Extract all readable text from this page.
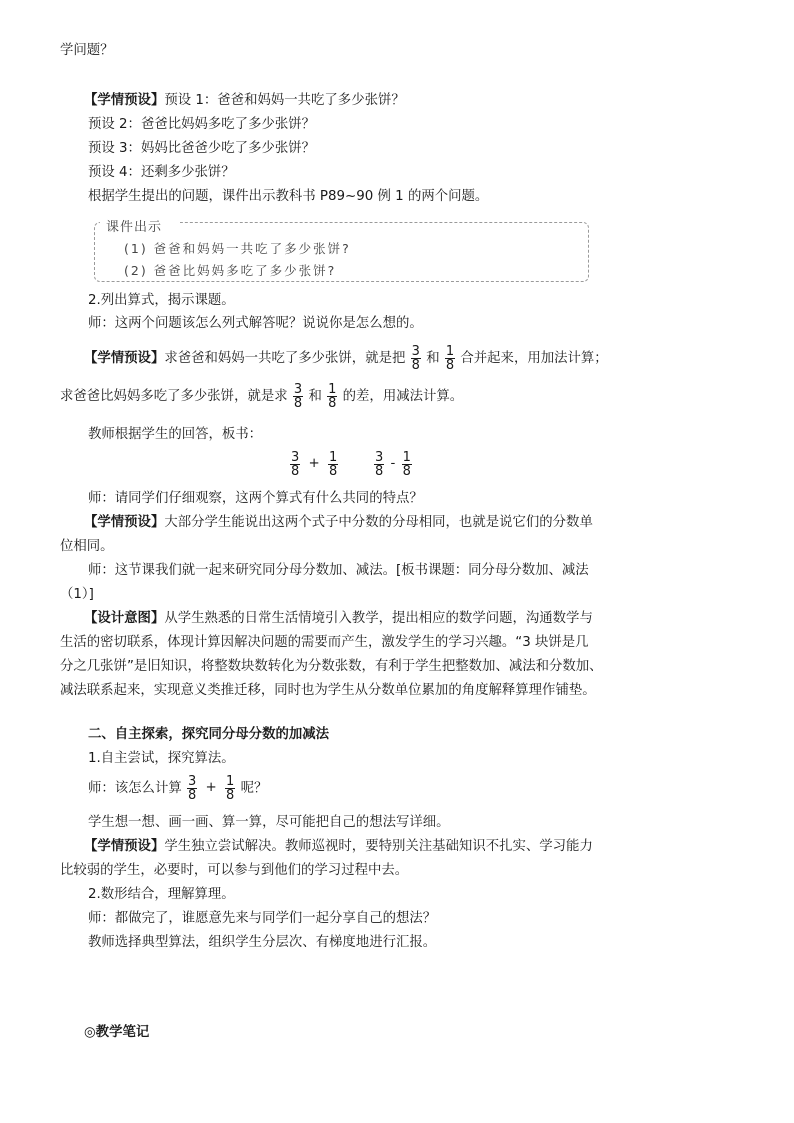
学问题？
【学情预设】预设 1：爸爸和妈妈一共吃了多少张饼？
预设 2：爸爸比妈妈多吃了多少张饼？
预设 3：妈妈比爸爸少吃了多少张饼？
预设 4：还剩多少张饼？
根据学生提出的问题，课件出示教科书 P89~90 例 1 的两个问题。
课件出示
(1) 爸爸和妈妈一共吃了多少张饼?
(2) 爸爸比妈妈多吃了多少张饼?
2.列出算式，揭示课题。
师：这两个问题该怎么列式解答呢？说说你是怎么想的。
【学情预设】求爸爸和妈妈一共吃了多少张饼，就是把 $\frac{3}{8}$ 和 $\frac{1}{8}$ 合并起来，用加法计算；
求爸爸比妈妈多吃了多少张饼，就是求 $\frac{3}{8}$ 和 $\frac{1}{8}$ 的差，用减法计算。
教师根据学生的回答，板书：
$\frac{3}{8} + \frac{1}{8}$	$\frac{3}{8} - \frac{1}{8}$
师：请同学们仔细观察，这两个算式有什么共同的特点？
【学情预设】大部分学生能说出这两个式子中分数的分母相同，也就是说它们的分数单
位相同。
师：这节课我们就一起来研究同分母分数加、减法。[板书课题：同分母分数加、减法
（1）]
【设计意图】从学生熟悉的日常生活情境引入教学，提出相应的数学问题，沟通数学与
生活的密切联系，体现计算因解决问题的需要而产生，激发学生的学习兴趣。“3 块饼是几
分之几张饼”是旧知识，将整数块数转化为分数张数，有利于学生把整数加、减法和分数加、
减法联系起来，实现意义类推迁移，同时也为学生从分数单位累加的角度解释算理作铺垫。
二、自主探索，探究同分母分数的加减法
1.自主尝试，探究算法。
师：该怎么计算 $\frac{3}{8} + \frac{1}{8}$ 呢？
学生想一想、画一画、算一算，尽可能把自己的想法写详细。
【学情预设】学生独立尝试解决。教师巡视时，要特别关注基础知识不扎实、学习能力
比较弱的学生，必要时，可以参与到他们的学习过程中去。
2.数形结合，理解算理。
师：都做完了，谁愿意先来与同学们一起分享自己的想法？
教师选择典型算法，组织学生分层次、有梯度地进行汇报。
◎教学笔记
